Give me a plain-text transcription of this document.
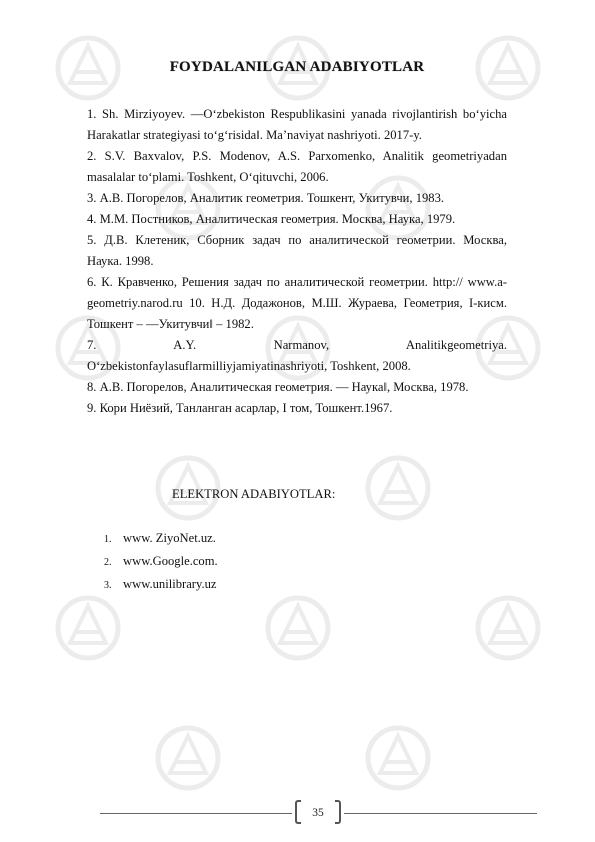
FOYDALANILGAN ADABIYOTLAR

1. Sh. Mirziyoyev. ―O‘zbekiston Respublikasini yanada rivojlantirish bo‘yicha Harakatlar strategiyasi to‘g‘risida‖. Ma’naviyat nashriyoti. 2017-y.

2. S.V. Baxvalov, P.S. Modenov, A.S. Parxomenko, Analitik geometriyadan masalalar to‘plami. Toshkent, O‘qituvchi, 2006.

3. А.В. Погорелов, Аналитик геометрия. Тошкент, Укитувчи, 1983.

4. М.М. Постников, Аналитическая геометрия. Москва, Наука, 1979.

5. Д.В. Клетеник, Сборник задач по аналитической геометрии. Москва, Наука. 1998.

6. К. Кравченко, Решения задач по аналитической геометрии. http:// www.a-geometriy.narod.ru 10. Н.Д. Додажонов, М.Ш. Жураева, Геометрия, I-кисм. Тошкент – ―Укитувчи‖ – 1982.

7. A.Y. Narmanov, Analitikgeometriya. O‘zbekistonfaylasuflarmilliyjamiyatinashriyoti, Toshkent, 2008.

8. А.В. Погорелов, Аналитическая геометрия. ― Наука‖, Москва, 1978.

9. Кори Ниёзий, Танланган асарлар, I том, Тошкент.1967.

ELEKTRON ADABIYOTLAR:
1. www. ZiyoNet.uz.
2. www.Google.com.
3. www.unilibrary.uz
35
